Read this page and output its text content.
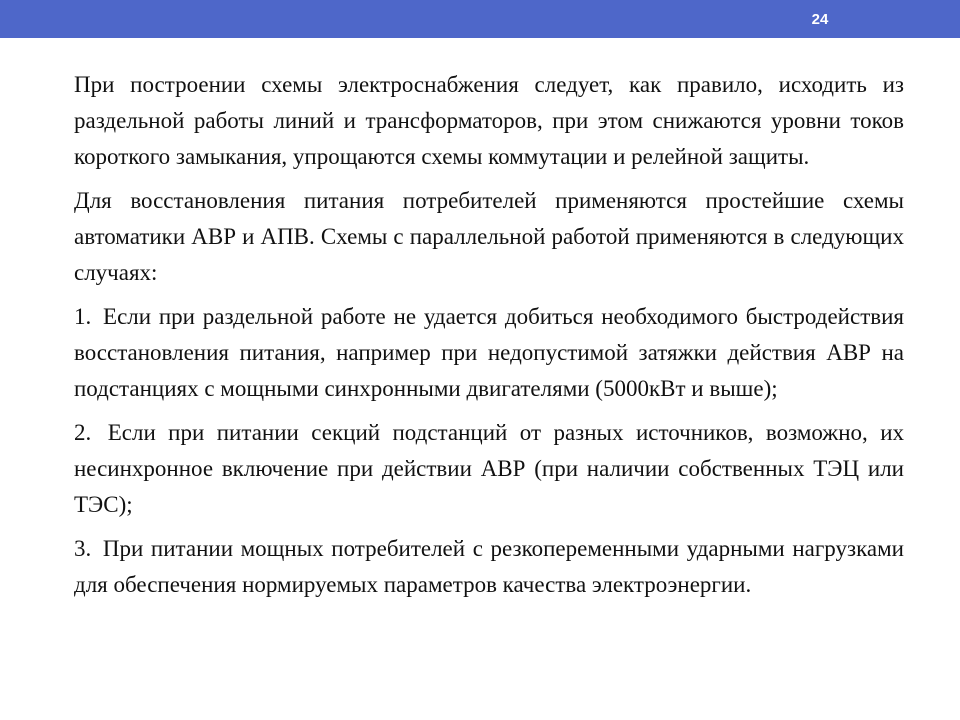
24

При построении схемы электроснабжения следует, как правило, исходить из раздельной работы линий и трансформаторов, при этом снижаются уровни токов короткого замыкания, упрощаются схемы коммутации и релейной защиты.

Для восстановления питания потребителей применяются простейшие схемы автоматики АВР и АПВ. Схемы с параллельной работой применяются в следующих случаях:

1. Если при раздельной работе не удается добиться необходимого быстродействия восстановления питания, например при недопустимой затяжки действия АВР на подстанциях с мощными синхронными двигателями (5000кВт и выше);

2. Если при питании секций подстанций от разных источников, возможно, их несинхронное включение при действии АВР (при наличии собственных ТЭЦ или ТЭС);

3. При питании мощных потребителей с резкопеременными ударными нагрузками для обеспечения нормируемых параметров качества электроэнергии.
